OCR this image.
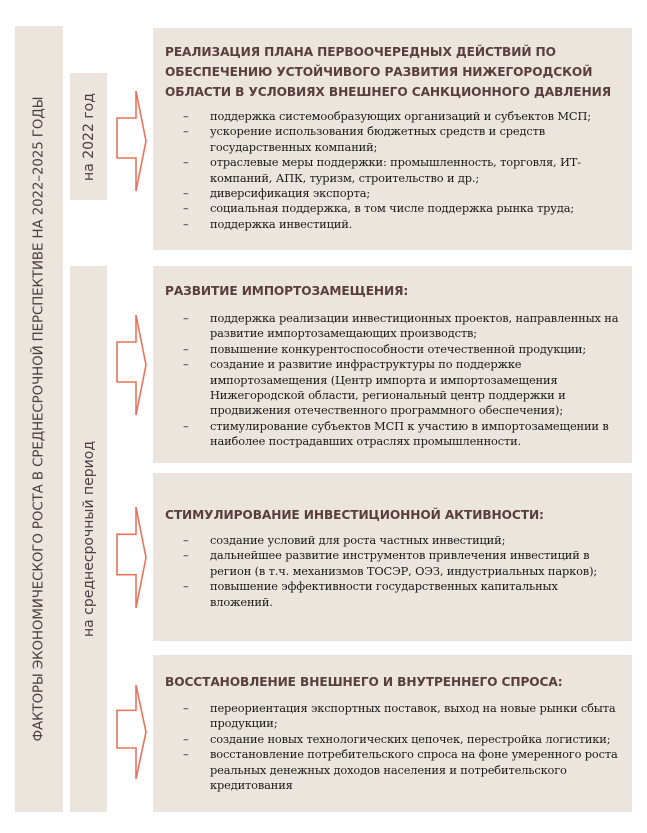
ФАКТОРЫ ЭКОНОМИЧЕСКОГО РОСТА В СРЕДНЕСРОЧНОЙ ПЕРСПЕКТИВЕ НА 2022–2025 ГОДЫ на 2022 год
на среднесрочный период

РЕАЛИЗАЦИЯ ПЛАНА ПЕРВООЧЕРЕДНЫХ ДЕЙСТВИЙ ПО ОБЕСПЕЧЕНИЮ УСТОЙЧИВОГО РАЗВИТИЯ НИЖЕГОРОДСКОЙ ОБЛАСТИ В УСЛОВИЯХ ВНЕШНЕГО САНКЦИОННОГО ДАВЛЕНИЯ

– поддержка системообразующих организаций и субъектов МСП;
– ускорение использования бюджетных средств и средств государственных компаний;
– отраслевые меры поддержки: промышленность, торговля, ИТ-компаний, АПК, туризм, строительство и др.;
– диверсификация экспорта;
– социальная поддержка, в том числе поддержка рынка труда;
– поддержка инвестиций.

РАЗВИТИЕ ИМПОРТОЗАМЕЩЕНИЯ:

– поддержка реализации инвестиционных проектов, направленных на развитие импортозамещающих производств;
– повышение конкурентоспособности отечественной продукции;
– создание и развитие инфраструктуры по поддержке импортозамещения (Центр импорта и импортозамещения Нижегородской области, региональный центр поддержки и продвижения отечественного программного обеспечения);
– стимулирование субъектов МСП к участию в импортозамещении в наиболее пострадавших отраслях промышленности.

СТИМУЛИРОВАНИЕ ИНВЕСТИЦИОННОЙ АКТИВНОСТИ:

– создание условий для роста частных инвестиций;
– дальнейшее развитие инструментов привлечения инвестиций в регион (в т.ч. механизмов ТОСЭР, ОЭЗ, индустриальных парков);
– повышение эффективности государственных капитальных вложений.

ВОССТАНОВЛЕНИЕ ВНЕШНЕГО И ВНУТРЕННЕГО СПРОСА:

– переориентация экспортных поставок, выход на новые рынки сбыта продукции;
– создание новых технологических цепочек, перестройка логистики;
– восстановление потребительского спроса на фоне умеренного роста реальных денежных доходов населения и потребительского кредитования
